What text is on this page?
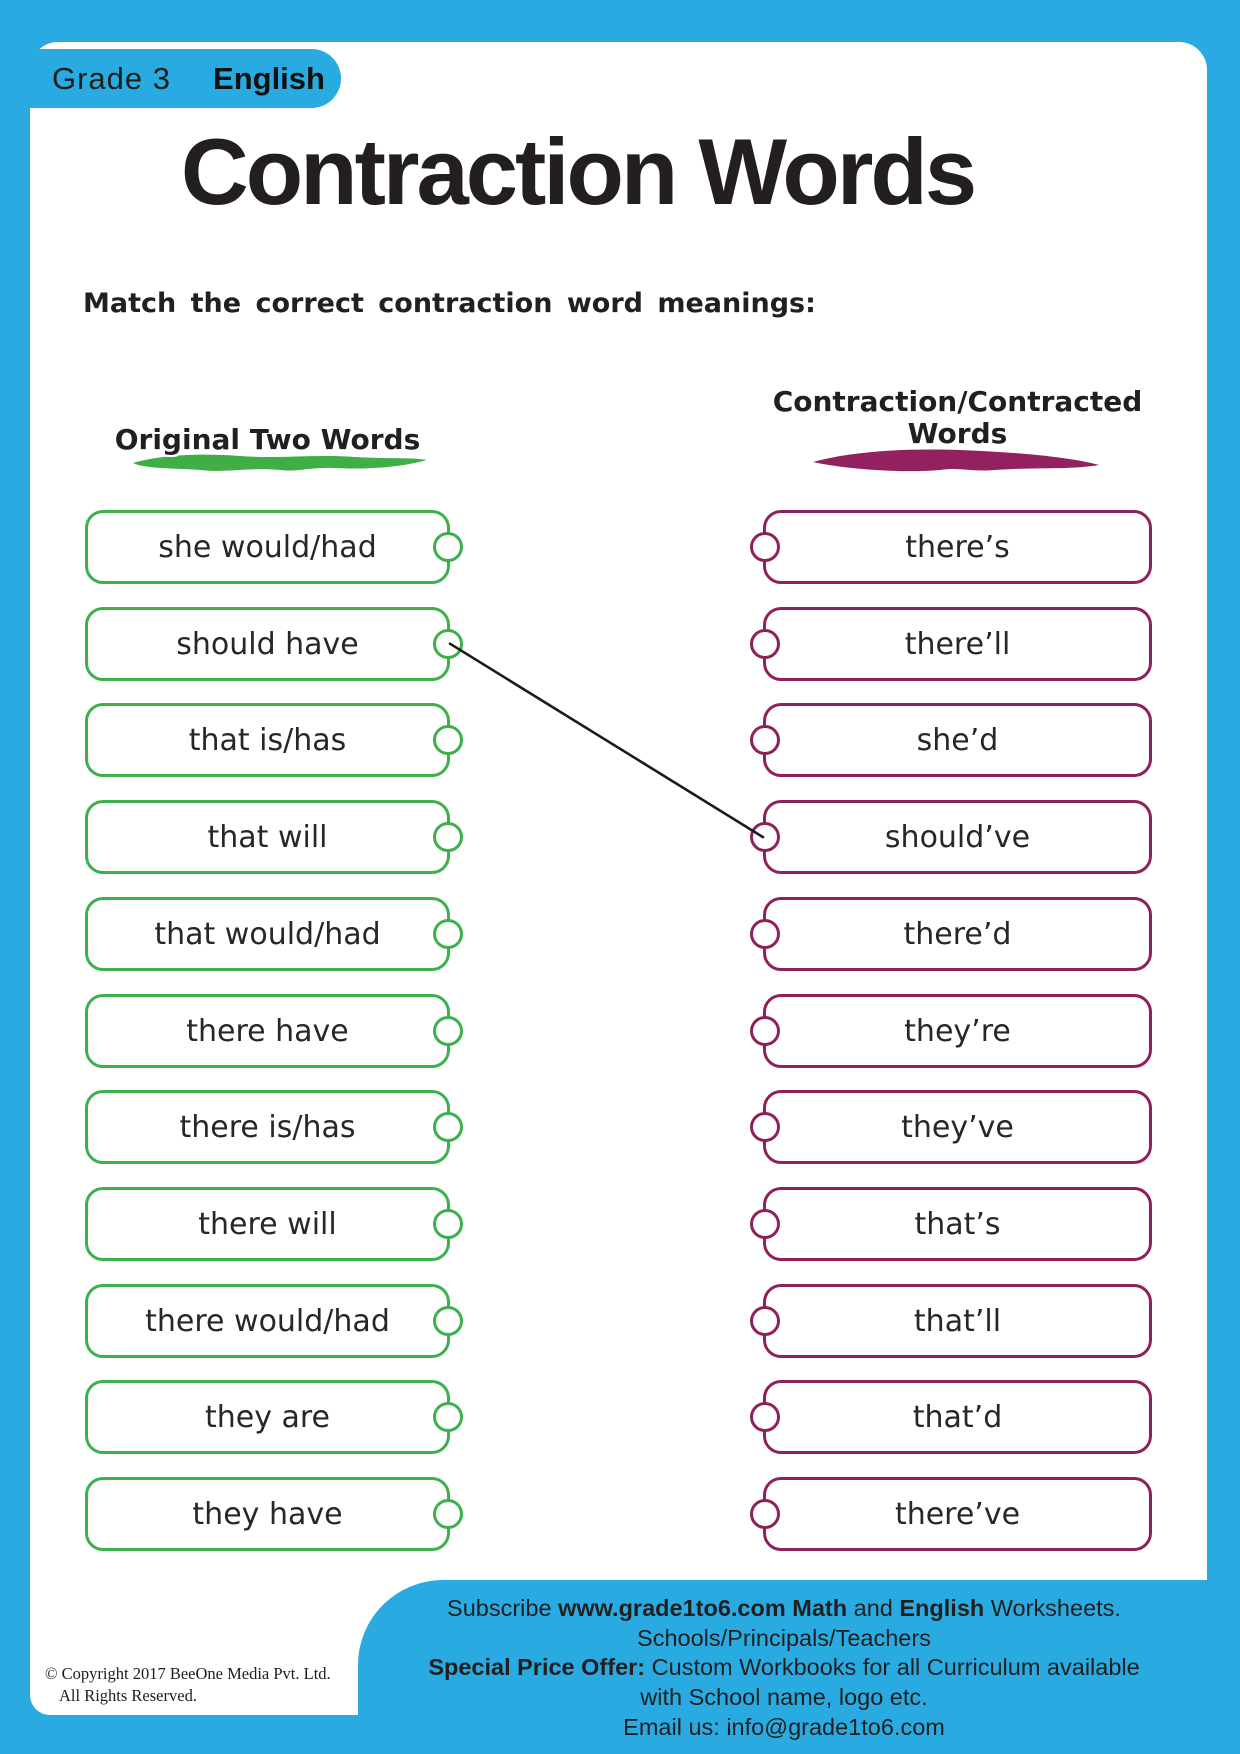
Grade 3 English
Contraction Words
Match the correct contraction word meanings:
Original Two Words
Contraction/Contracted
Words
she would/had
should have
that is/has
that will
that would/had
there have
there is/has
there will
there would/had
they are
they have
there’s
there’ll
she’d
should’ve
there’d
they’re
they’ve
that’s
that’ll
that’d
there’ve
Subscribe www.grade1to6.com Math and English Worksheets.
Schools/Principals/Teachers
Special Price Offer: Custom Workbooks for all Curriculum available
with School name, logo etc.
Email us: info@grade1to6.com
© Copyright 2017 BeeOne Media Pvt. Ltd.
All Rights Reserved.
